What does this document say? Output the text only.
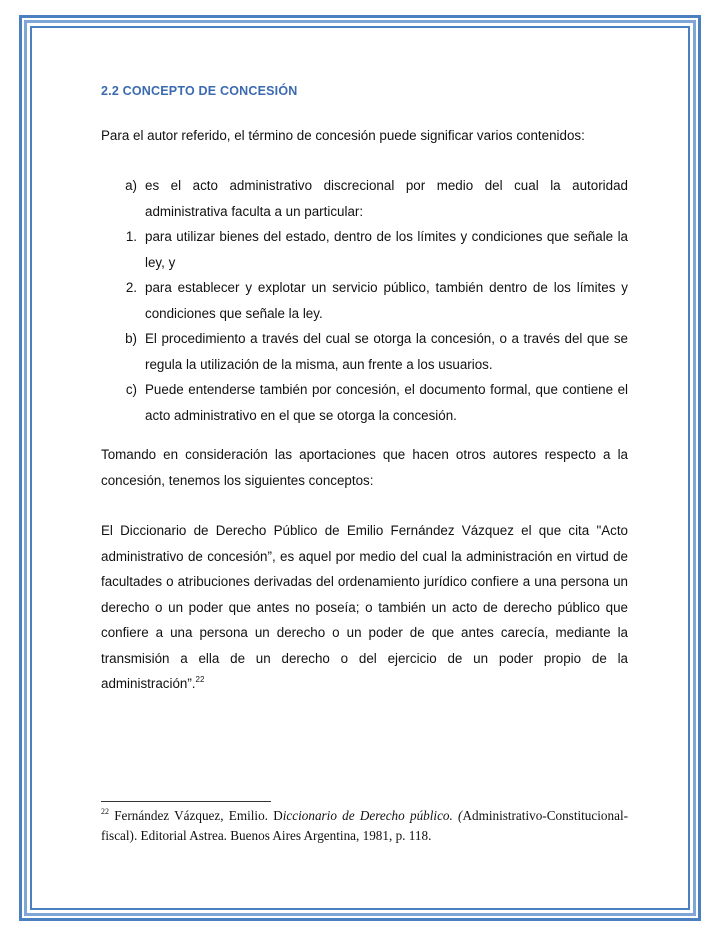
2.2 CONCEPTO DE CONCESIÓN
Para el autor referido, el término de concesión puede significar varios contenidos:
a) es el acto administrativo discrecional por medio del cual la autoridad administrativa faculta a un particular:
1. para utilizar bienes del estado, dentro de los límites y condiciones que señale la ley, y
2. para establecer y explotar un servicio público, también dentro de los límites y condiciones que señale la ley.
b) El procedimiento a través del cual se otorga la concesión, o a través del que se regula la utilización de la misma, aun frente a los usuarios.
c) Puede entenderse también por concesión, el documento formal, que contiene el acto administrativo en el que se otorga la concesión.

Tomando en consideración las aportaciones que hacen otros autores respecto a la concesión, tenemos los siguientes conceptos:

El Diccionario de Derecho Público de Emilio Fernández Vázquez el que cita "Acto administrativo de concesión”, es aquel por medio del cual la administración en virtud de facultades o atribuciones derivadas del ordenamiento jurídico confiere a una persona un derecho o un poder que antes no poseía; o también un acto de derecho público que confiere a una persona un derecho o un poder de que antes carecía, mediante la transmisión a ella de un derecho o del ejercicio de un poder propio de la administración”.$^{22}$

$^{22}$ Fernández Vázquez, Emilio. Diccionario de Derecho público. (Administrativo-Constitucional-fiscal). Editorial Astrea. Buenos Aires Argentina, 1981, p. 118.
